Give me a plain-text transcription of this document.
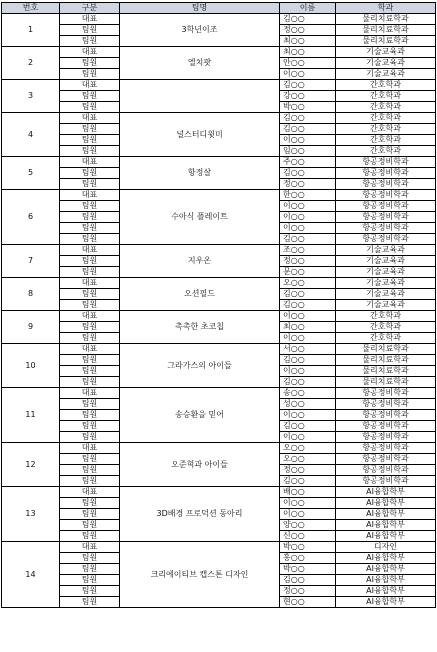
번호	구분	팀명	이름	학과
1	대표	3학년이조	김○○	물리치료학과
	팀원		정○○	물리치료학과
	팀원		최○○	물리치료학과
2	대표	엘치팟	최○○	기술교육과
	팀원		안○○	기술교육과
	팀원		이○○	기술교육과
3	대표		김○○	간호학과
	팀원		강○○	간호학과
	팀원		박○○	간호학과
4	대표	널스터디윗미	김○○	간호학과
	팀원		김○○	간호학과
	팀원		이○○	간호학과
	팀원		임○○	간호학과
5	대표	항정살	주○○	항공정비학과
	팀원		김○○	항공정비학과
	팀원		정○○	항공정비학과
6	대표	수아식 플레이트	한○○	항공정비학과
	팀원		이○○	항공정비학과
	팀원		이○○	항공정비학과
	팀원		이○○	항공정비학과
	팀원		김○○	항공정비학과
7	대표	지우온	조○○	기술교육과
	팀원		정○○	기술교육과
	팀원		문○○	기술교육과
8	대표	오션필드	오○○	기술교육과
	팀원		김○○	기술교육과
	팀원		김○○	기술교육과
9	대표	촉촉한 초코칩	이○○	간호학과
	팀원		최○○	간호학과
	팀원		이○○	간호학과
10	대표	그라가스의 아이들	서○○	물리치료학과
	팀원		김○○	물리치료학과
	팀원		이○○	물리치료학과
	팀원		김○○	물리치료학과
11	대표	송승환을 믿어	송○○	항공정비학과
	팀원		성○○	항공정비학과
	팀원		이○○	항공정비학과
	팀원		김○○	항공정비학과
	팀원		이○○	항공정비학과
12	대표	오준혁과 아이들	오○○	항공정비학과
	팀원		오○○	항공정비학과
	팀원		정○○	항공정비학과
	팀원		김○○	항공정비학과
13	대표	3D배경 프로덕션 동아리	배○○	AI융합학부
	팀원		이○○	AI융합학부
	팀원		이○○	AI융합학부
	팀원		양○○	AI융합학부
	팀원		신○○	AI융합학부
14	대표	크리에이티브 캡스톤 디자인	박○○	디자인
	팀원		홍○○	AI융합학부
	팀원		박○○	AI융합학부
	팀원		김○○	AI융합학부
	팀원		정○○	AI융합학부
	팀원		현○○	AI융합학부
